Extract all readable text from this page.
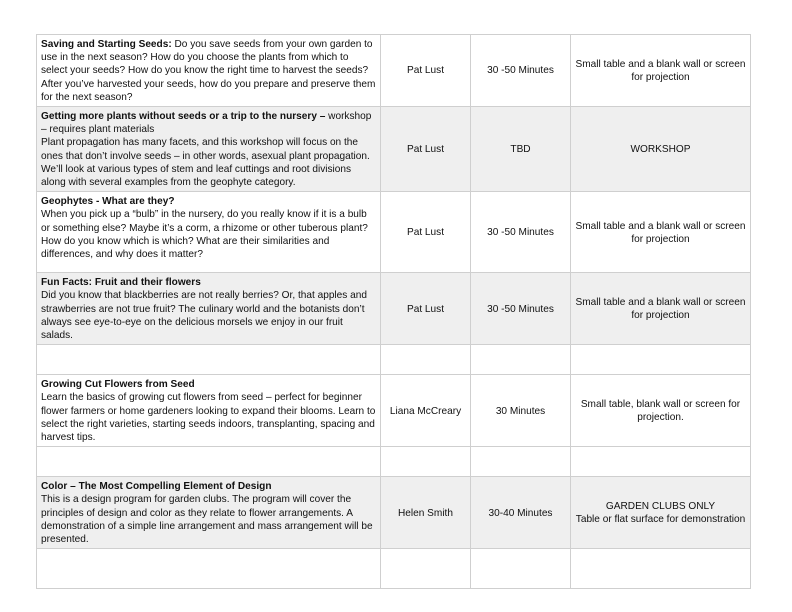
Saving and Starting Seeds: Do you save seeds from your own garden to use in the next season? How do you choose the plants from which to select your seeds? How do you know the right time to harvest the seeds? After you’ve harvested your seeds, how do you prepare and preserve them for the next season?	Pat Lust	30 -50 Minutes	Small table and a blank wall or screen for projection
Getting more plants without seeds or a trip to the nursery – workshop – requires plant materials
Plant propagation has many facets, and this workshop will focus on the ones that don’t involve seeds – in other words, asexual plant propagation. We’ll look at various types of stem and leaf cuttings and root divisions along with several examples from the geophyte category.	Pat Lust	TBD	WORKSHOP

Geophytes - What are they?
When you pick up a “bulb” in the nursery, do you really know if it is a bulb or something else? Maybe it’s a corm, a rhizome or other tuberous plant? How do you know which is which? What are their similarities and differences, and why does it matter?	Pat Lust	30 -50 Minutes	Small table and a blank wall or screen for projection

Fun Facts: Fruit and their flowers
Did you know that blackberries are not really berries? Or, that apples and strawberries are not true fruit? The culinary world and the botanists don’t always see eye-to-eye on the delicious morsels we enjoy in our fruit salads.	Pat Lust	30 -50 Minutes	Small table and a blank wall or screen for projection

Growing Cut Flowers from Seed
Learn the basics of growing cut flowers from seed – perfect for beginner flower farmers or home gardeners looking to expand their blooms. Learn to select the right varieties, starting seeds indoors, transplanting, spacing and harvest tips.	Liana McCreary	30 Minutes	Small table, blank wall or screen for projection.

Color – The Most Compelling Element of Design
This is a design program for garden clubs. The program will cover the principles of design and color as they relate to flower arrangements. A demonstration of a simple line arrangement and mass arrangement will be presented.	Helen Smith	30-40 Minutes	GARDEN CLUBS ONLY
Table or flat surface for demonstration
